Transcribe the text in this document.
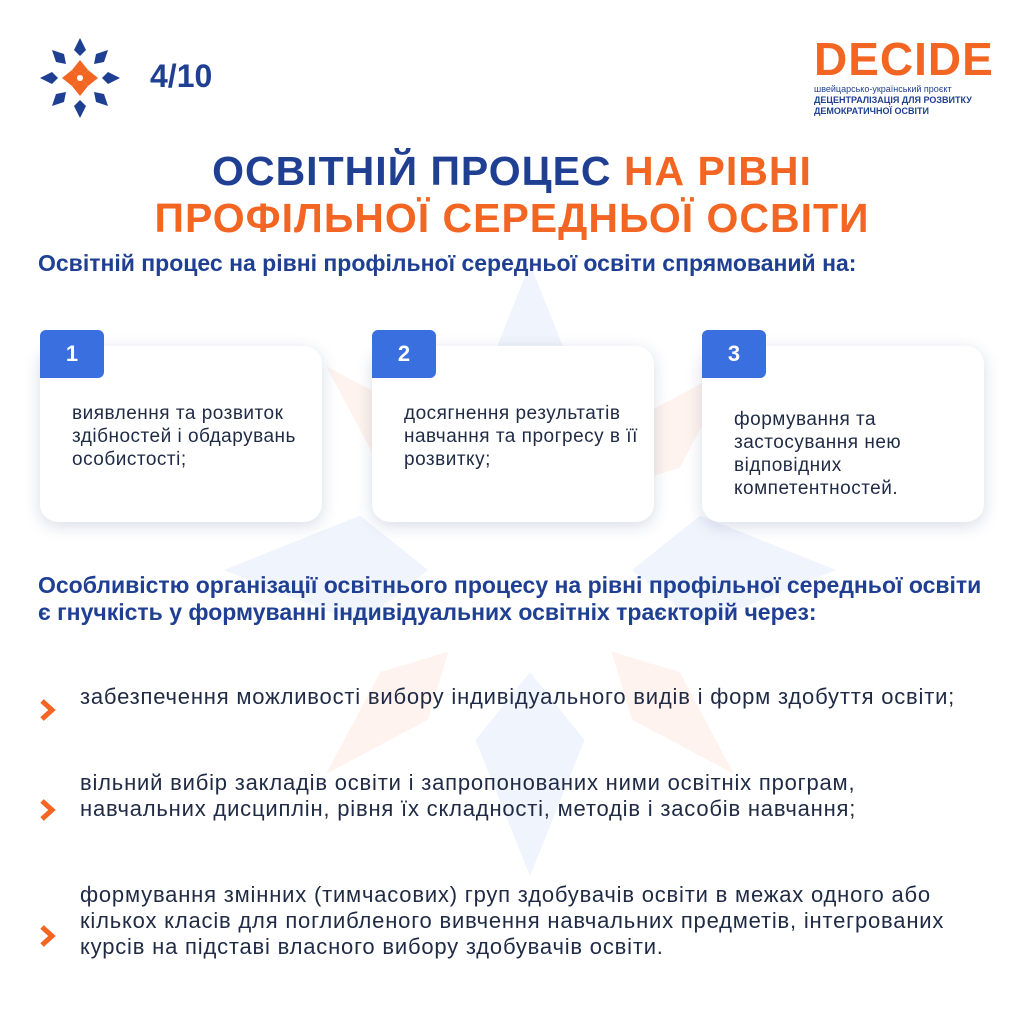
4/10	DECIDE
швейцарсько-український проєкт
ДЕЦЕНТРАЛІЗАЦІЯ ДЛЯ РОЗВИТКУ
ДЕМОКРАТИЧНОЇ ОСВІТИ
ОСВІТНІЙ ПРОЦЕС НА РІВНІ
ПРОФІЛЬНОЇ СЕРЕДНЬОЇ ОСВІТИ
Освітній процес на рівні профільної середньої освіти спрямований на:
1
виявлення та розвиток здібностей і обдарувань особистості;
2
досягнення результатів навчання та прогресу в її розвитку;
3
формування та застосування нею відповідних компетентностей.
Особливістю організації освітнього процесу на рівні профільної середньої освіти є гнучкість у формуванні індивідуальних освітніх траєкторій через:
забезпечення можливості вибору індивідуального видів і форм здобуття освіти;
вільний вибір закладів освіти і запропонованих ними освітніх програм, навчальних дисциплін, рівня їх складності, методів і засобів навчання;
формування змінних (тимчасових) груп здобувачів освіти в межах одного або кількох класів для поглибленого вивчення навчальних предметів, інтегрованих курсів на підставі власного вибору здобувачів освіти.
